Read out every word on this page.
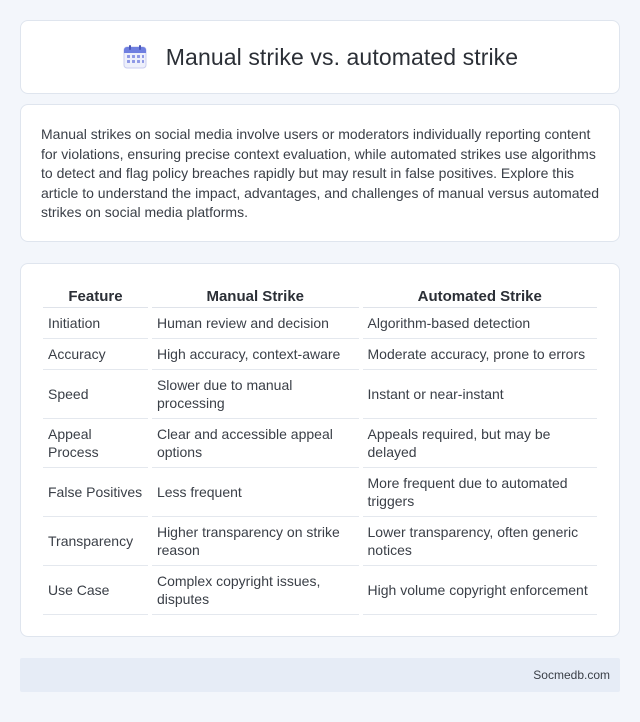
Manual strike vs. automated strike

Manual strikes on social media involve users or moderators individually reporting content for violations, ensuring precise context evaluation, while automated strikes use algorithms to detect and flag policy breaches rapidly but may result in false positives. Explore this article to understand the impact, advantages, and challenges of manual versus automated strikes on social media platforms.

Feature	Manual Strike	Automated Strike
Initiation	Human review and decision	Algorithm-based detection
Accuracy	High accuracy, context-aware	Moderate accuracy, prone to errors
Speed	Slower due to manual processing	Instant or near-instant
Appeal Process	Clear and accessible appeal options	Appeals required, but may be delayed
False Positives	Less frequent	More frequent due to automated triggers
Transparency	Higher transparency on strike reason	Lower transparency, often generic notices
Use Case	Complex copyright issues, disputes	High volume copyright enforcement
Socmedb.com
